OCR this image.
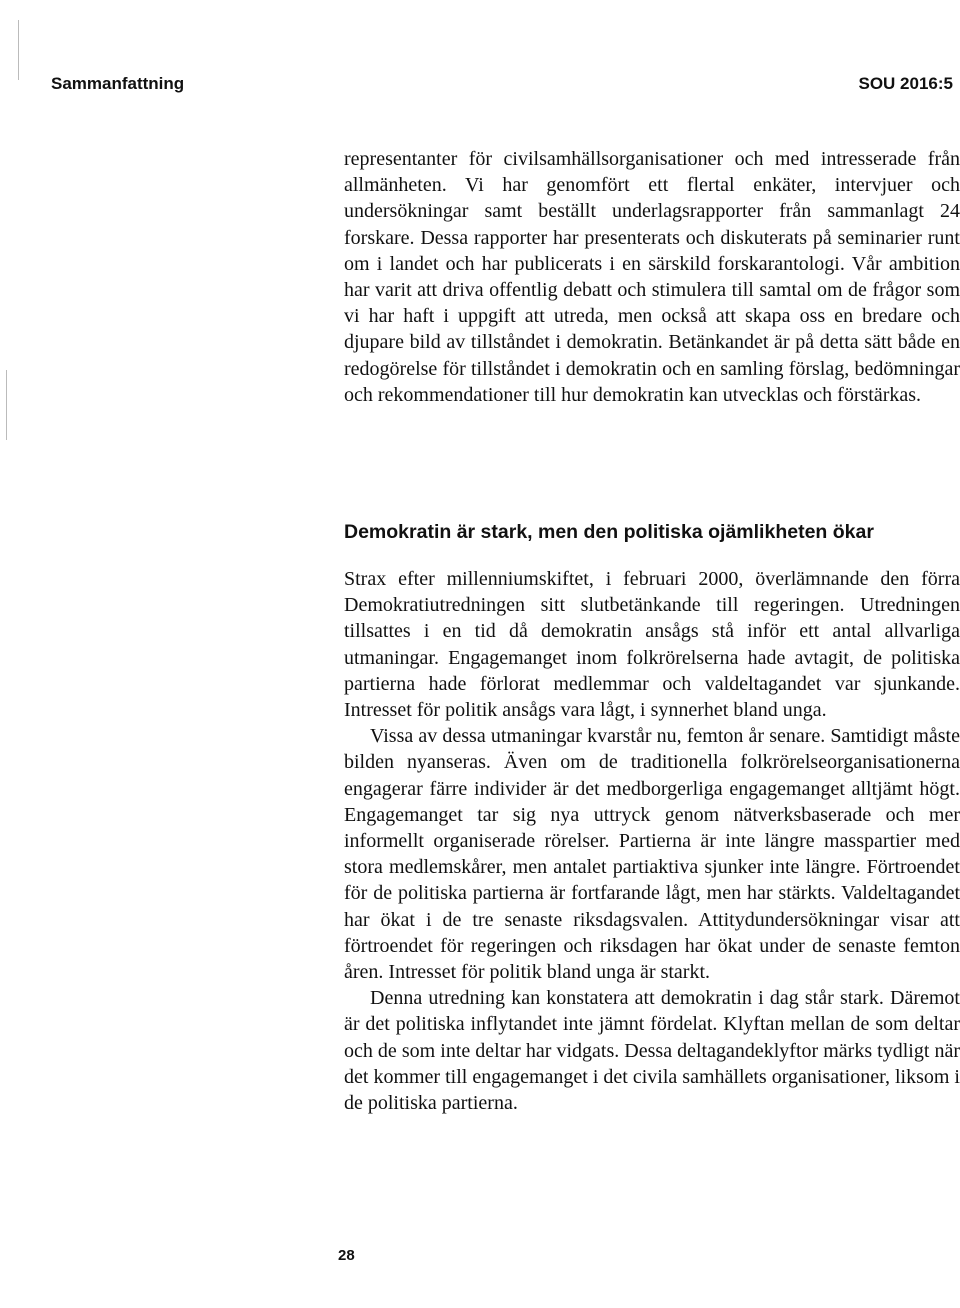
Sammanfattning	SOU 2016:5

representanter för civilsamhällsorganisationer och med intresserade från allmänheten. Vi har genomfört ett flertal enkäter, intervjuer och undersökningar samt beställt underlagsrapporter från sammanlagt 24 forskare. Dessa rapporter har presenterats och diskuterats på seminarier runt om i landet och har publicerats i en särskild forskarantologi. Vår ambition har varit att driva offentlig debatt och stimulera till samtal om de frågor som vi har haft i uppgift att utreda, men också att skapa oss en bredare och djupare bild av tillståndet i demokratin. Betänkandet är på detta sätt både en redogörelse för tillståndet i demokratin och en samling förslag, bedömningar och rekommendationer till hur demokratin kan utvecklas och förstärkas.

Demokratin är stark, men den politiska ojämlikheten ökar

Strax efter millenniumskiftet, i februari 2000, överlämnande den förra Demokratiutredningen sitt slutbetänkande till regeringen. Utredningen tillsattes i en tid då demokratin ansågs stå inför ett antal allvarliga utmaningar. Engagemanget inom folkrörelserna hade avtagit, de politiska partierna hade förlorat medlemmar och valdeltagandet var sjunkande. Intresset för politik ansågs vara lågt, i synnerhet bland unga.

Vissa av dessa utmaningar kvarstår nu, femton år senare. Samtidigt måste bilden nyanseras. Även om de traditionella folkrörelseorganisationerna engagerar färre individer är det medborgerliga engagemanget alltjämt högt. Engagemanget tar sig nya uttryck genom nätverksbaserade och mer informellt organiserade rörelser. Partierna är inte längre masspartier med stora medlemskårer, men antalet partiaktiva sjunker inte längre. Förtroendet för de politiska partierna är fortfarande lågt, men har stärkts. Valdeltagandet har ökat i de tre senaste riksdagsvalen. Attitydundersökningar visar att förtroendet för regeringen och riksdagen har ökat under de senaste femton åren. Intresset för politik bland unga är starkt.

Denna utredning kan konstatera att demokratin i dag står stark. Däremot är det politiska inflytandet inte jämnt fördelat. Klyftan mellan de som deltar och de som inte deltar har vidgats. Dessa deltagandeklyftor märks tydligt när det kommer till engagemanget i det civila samhällets organisationer, liksom i de politiska partierna.

28
